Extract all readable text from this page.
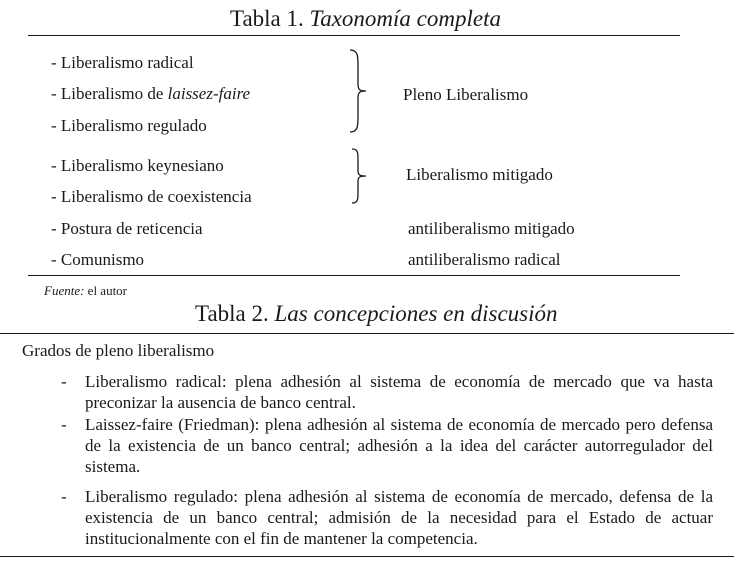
Tabla 1. Taxonomía completa
- Liberalismo radical
- Liberalismo de laissez-faire
- Liberalismo regulado
- Liberalismo keynesiano
- Liberalismo de coexistencia
- Postura de reticencia
- Comunismo
Pleno Liberalismo
Liberalismo mitigado
antiliberalismo mitigado
antiliberalismo radical
Fuente: el autor
Tabla 2. Las concepciones en discusión
Grados de pleno liberalismo
- Liberalismo radical: plena adhesión al sistema de economía de mercado que va hasta preconizar la ausencia de banco central.
- Laissez-faire (Friedman): plena adhesión al sistema de economía de mercado pero defensa de la existencia de un banco central; adhesión a la idea del carácter autorregulador del sistema.
- Liberalismo regulado: plena adhesión al sistema de economía de mercado, defensa de la existencia de un banco central; admisión de la necesidad para el Estado de actuar institucionalmente con el fin de mantener la competencia.
